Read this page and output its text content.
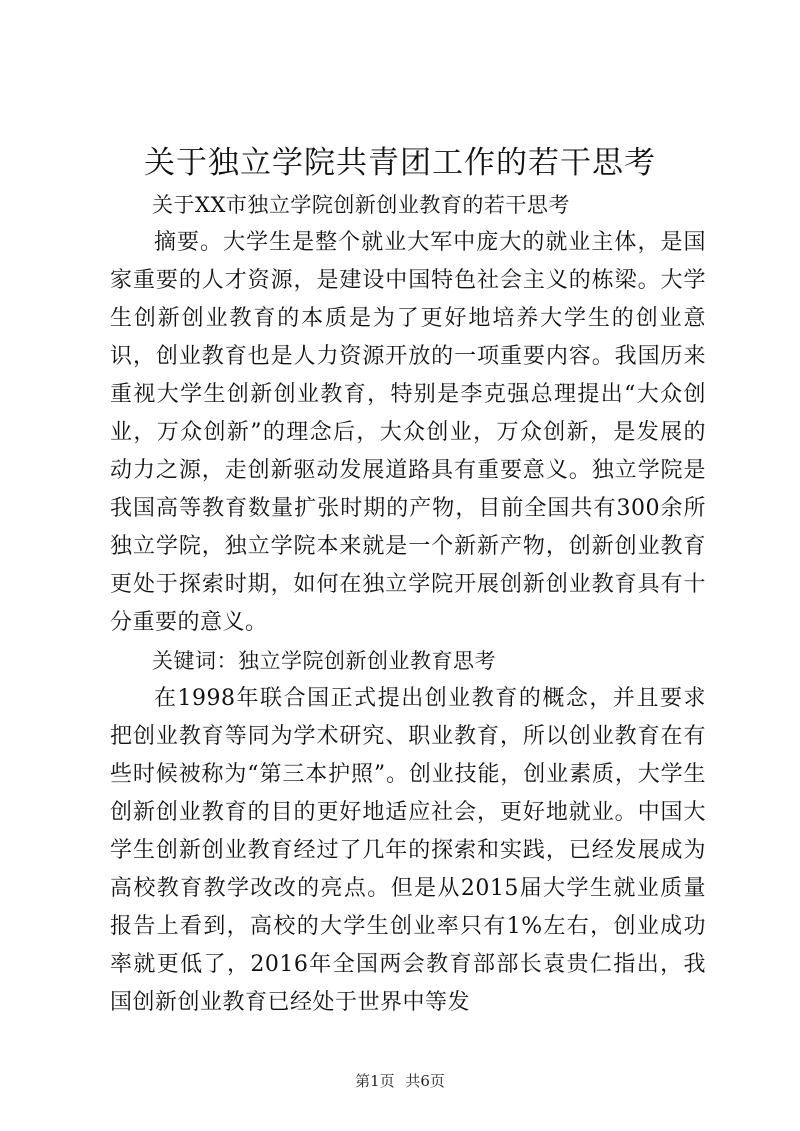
关于独立学院共青团工作的若干思考

关于XX市独立学院创新创业教育的若干思考

摘要。大学生是整个就业大军中庞大的就业主体，是国家重要的人才资源，是建设中国特色社会主义的栋梁。大学生创新创业教育的本质是为了更好地培养大学生的创业意识，创业教育也是人力资源开放的一项重要内容。我国历来重视大学生创新创业教育，特别是李克强总理提出“大众创业，万众创新”的理念后，大众创业，万众创新，是发展的动力之源，走创新驱动发展道路具有重要意义。独立学院是我国高等教育数量扩张时期的产物，目前全国共有300余所独立学院，独立学院本来就是一个新新产物，创新创业教育更处于探索时期，如何在独立学院开展创新创业教育具有十分重要的意义。

关键词：独立学院创新创业教育思考

在1998年联合国正式提出创业教育的概念，并且要求把创业教育等同为学术研究、职业教育，所以创业教育在有些时候被称为“第三本护照”。创业技能，创业素质，大学生创新创业教育的目的更好地适应社会，更好地就业。中国大学生创新创业教育经过了几年的探索和实践，已经发展成为高校教育教学改改的亮点。但是从2015届大学生就业质量报告上看到，高校的大学生创业率只有1%左右，创业成功率就更低了，2016年全国两会教育部部长袁贵仁指出，我国创新创业教育已经处于世界中等发

第1页 共6页
